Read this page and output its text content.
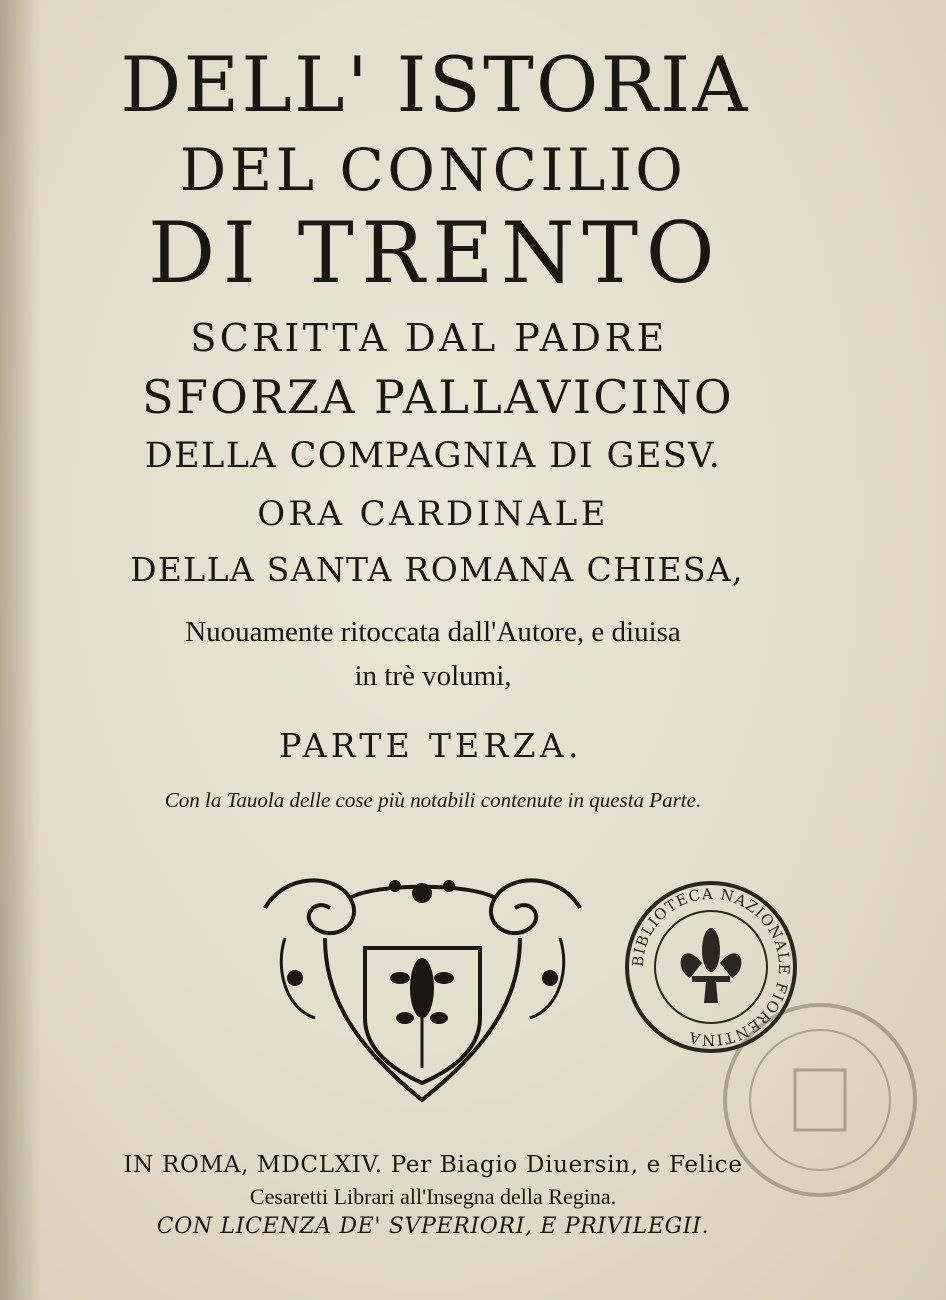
DELL' ISTORIA
DEL CONCILIO
DI TRENTO

SCRITTA DAL PADRE

SFORZA PALLAVICINO

DELLA COMPAGNIA DI GESV.

ORA CARDINALE

DELLA SANTA ROMANA CHIESA,

Nuouamente ritoccata dall'Autore, e diuisa

in trè volumi,

PARTE TERZA.

Con la Tauola delle cose più notabili contenute in questa Parte.

BIBLIOTECA NAZIONALE FIORENTINA

IN ROMA, MDCLXIV. Per Biagio Diuersin, e Felice

Cesaretti Librari all'Insegna della Regina.

CON LICENZA DE' SVPERIORI, E PRIVILEGII.
